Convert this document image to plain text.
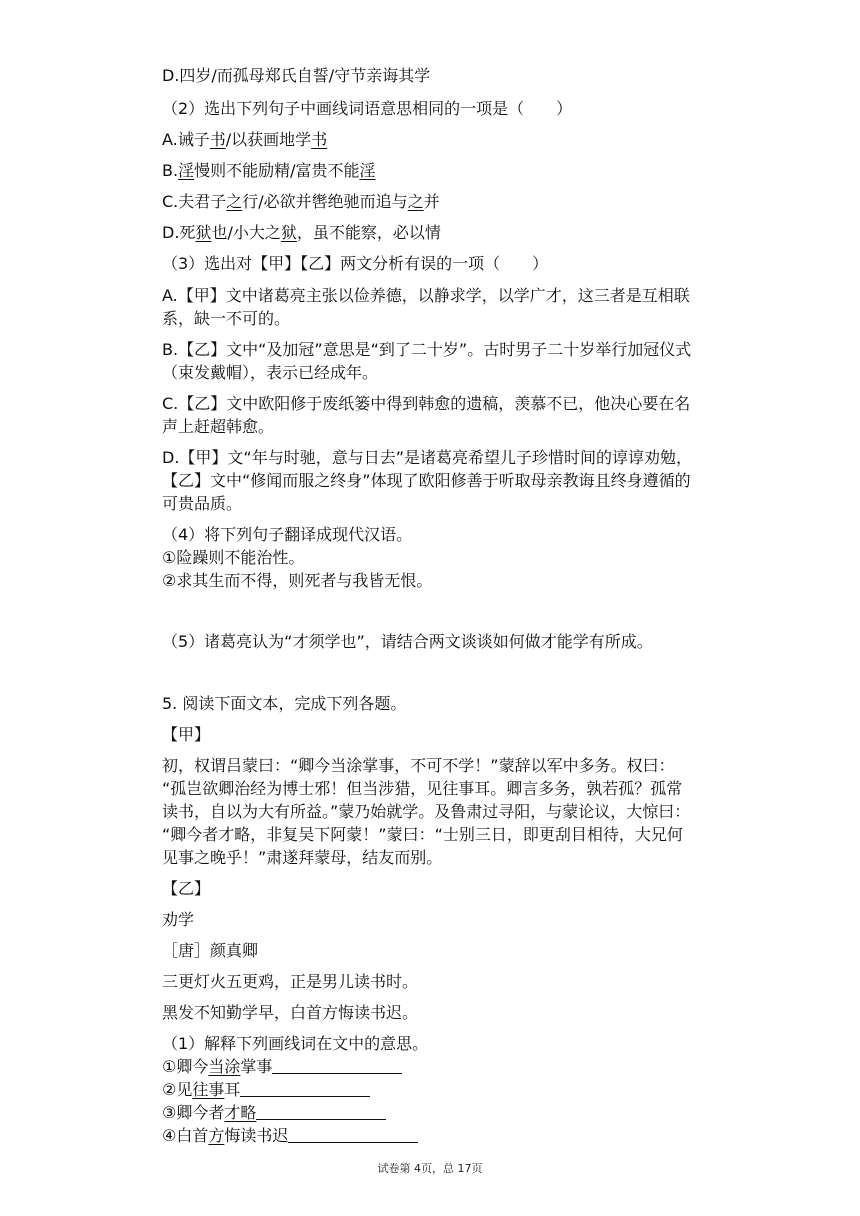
D.四岁/而孤母郑氏自誓/守节亲诲其学
（2）选出下列句子中画线词语意思相同的一项是（　　）
A.诫子书/以获画地学书
B.淫慢则不能励精/富贵不能淫
C.夫君子之行/必欲并辔绝驰而追与之并
D.死狱也/小大之狱，虽不能察，必以情
（3）选出对【甲】【乙】两文分析有误的一项（　　）
A.【甲】文中诸葛亮主张以俭养德，以静求学，以学广才，这三者是互相联
系，缺一不可的。
B.【乙】文中“及加冠”意思是“到了二十岁”。古时男子二十岁举行加冠仪式
（束发戴帽），表示已经成年。
C.【乙】文中欧阳修于废纸篓中得到韩愈的遗稿，羡慕不已，他决心要在名
声上赶超韩愈。
D.【甲】文“年与时驰，意与日去”是诸葛亮希望儿子珍惜时间的谆谆劝勉，
【乙】文中“修闻而服之终身”体现了欧阳修善于听取母亲教诲且终身遵循的
可贵品质。
（4）将下列句子翻译成现代汉语。
①险躁则不能治性。
②求其生而不得，则死者与我皆无恨。
（5）诸葛亮认为“才须学也”，请结合两文谈谈如何做才能学有所成。
5. 阅读下面文本，完成下列各题。
【甲】
初，权谓吕蒙曰：“卿今当涂掌事，不可不学！”蒙辞以军中多务。权曰：
“孤岂欲卿治经为博士邪！但当涉猎，见往事耳。卿言多务，孰若孤？孤常
读书，自以为大有所益。”蒙乃始就学。及鲁肃过寻阳，与蒙论议，大惊曰：
“卿今者才略，非复吴下阿蒙！”蒙曰：“士别三日，即更刮目相待，大兄何
见事之晚乎！”肃遂拜蒙母，结友而别。
【乙】
劝学
［唐］颜真卿
三更灯火五更鸡，正是男儿读书时。
黑发不知勤学早，白首方悔读书迟。
（1）解释下列画线词在文中的意思。
①卿今当涂掌事
②见往事耳
③卿今者才略
④白首方悔读书迟
试卷第 4页，总 17页
